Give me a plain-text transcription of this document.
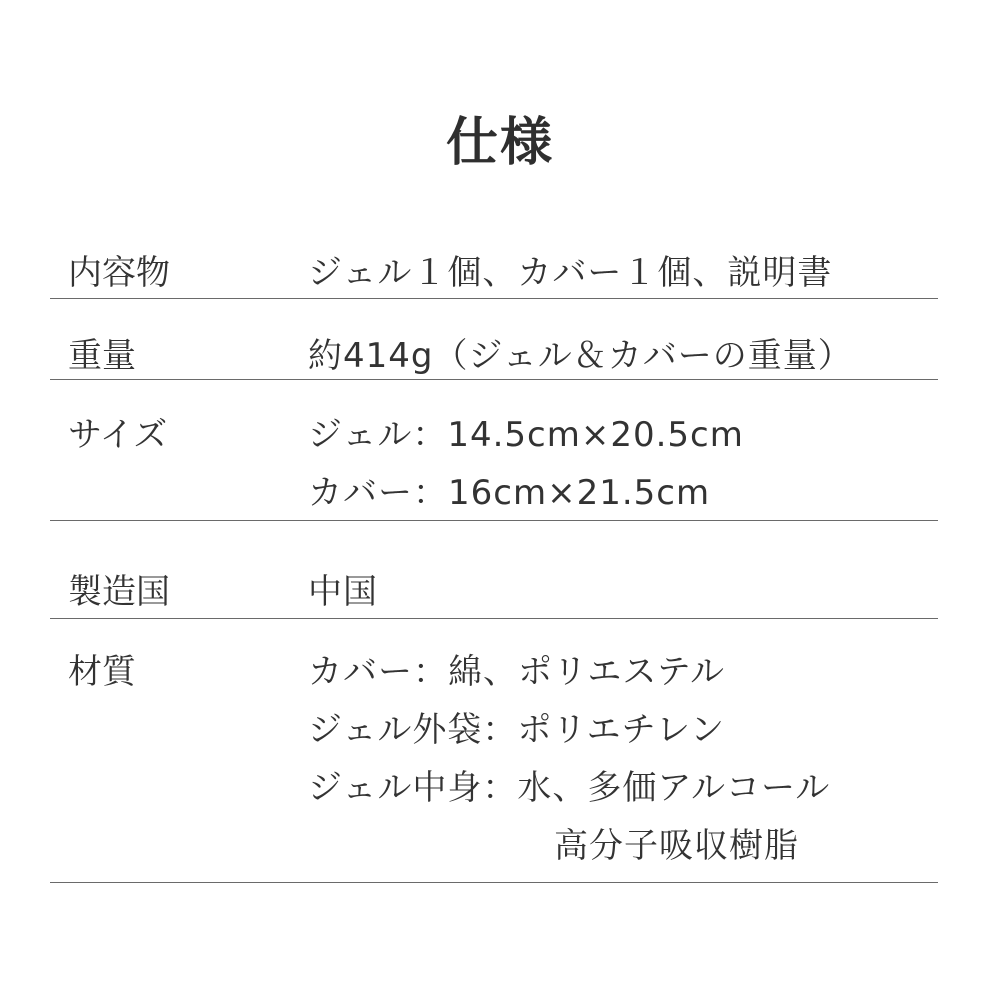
仕様
内容物	ジェル１個、カバー１個、説明書
重量	約414g（ジェル＆カバーの重量）
サイズ	ジェル：14.5cm×20.5cm
カバー：16cm×21.5cm
製造国	中国
材質	カバー：綿、ポリエステル
ジェル外袋：ポリエチレン
ジェル中身：水、多価アルコール
高分子吸収樹脂
